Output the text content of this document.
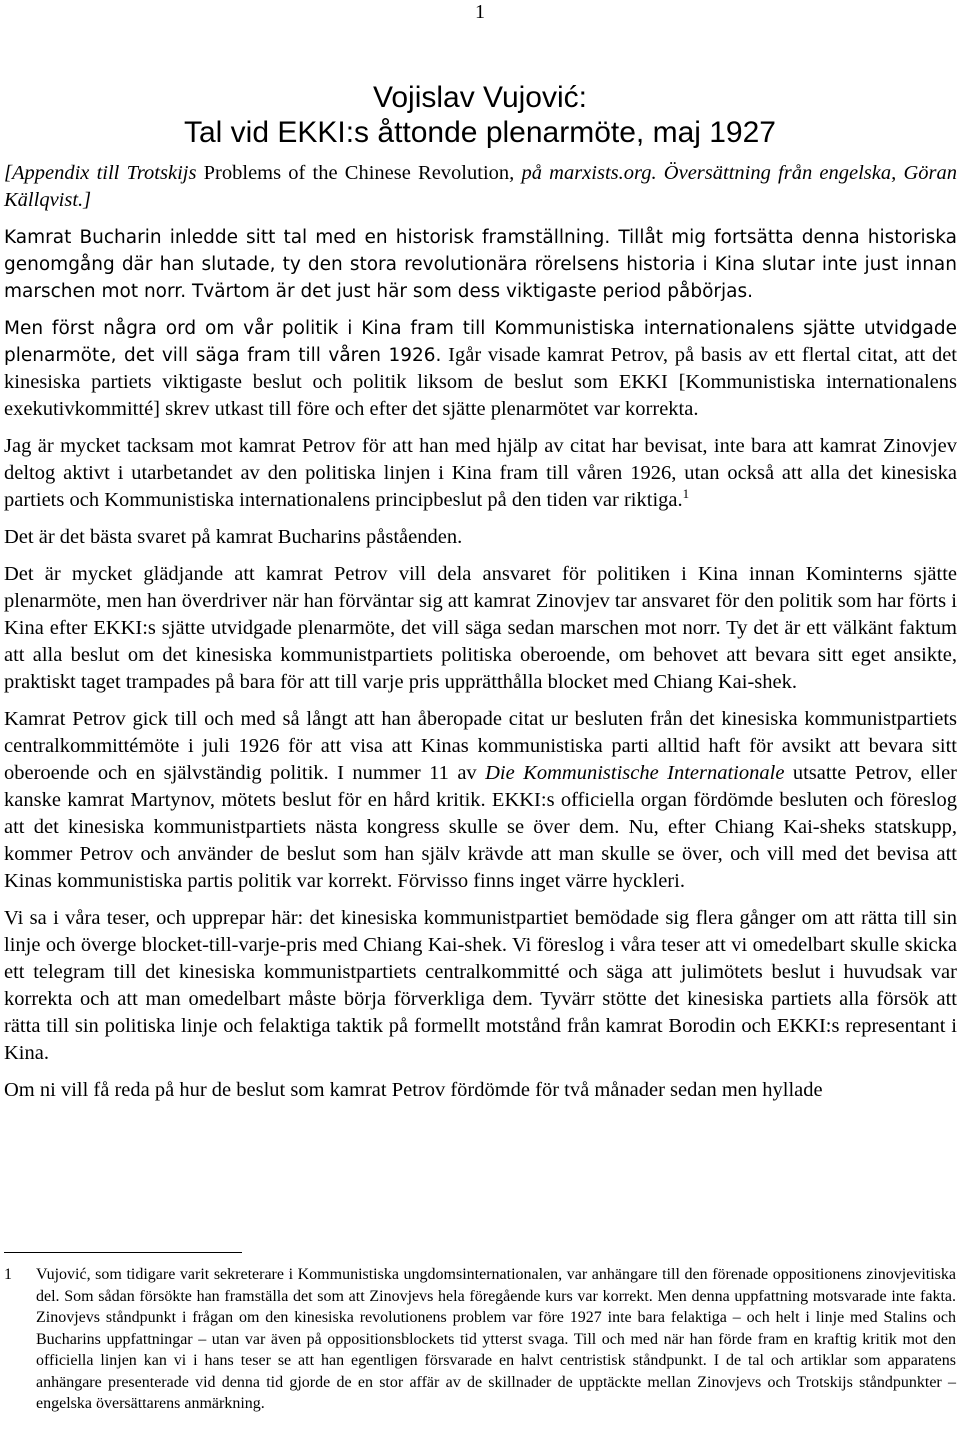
1
Vojislav Vujović:
Tal vid EKKI:s åttonde plenarmöte, maj 1927

[Appendix till Trotskijs Problems of the Chinese Revolution, på marxists.org. Översättning från engelska, Göran Källqvist.]

Kamrat Bucharin inledde sitt tal med en historisk framställning. Tillåt mig fortsätta denna historiska genomgång där han slutade, ty den stora revolutionära rörelsens historia i Kina slutar inte just innan marschen mot norr. Tvärtom är det just här som dess viktigaste period påbörjas.

Men först några ord om vår politik i Kina fram till Kommunistiska internationalens sjätte utvidgade plenarmöte, det vill säga fram till våren 1926. Igår visade kamrat Petrov, på basis av ett flertal citat, att det kinesiska partiets viktigaste beslut och politik liksom de beslut som EKKI [Kommunistiska internationalens exekutivkommitté] skrev utkast till före och efter det sjätte plenarmötet var korrekta.

Jag är mycket tacksam mot kamrat Petrov för att han med hjälp av citat har bevisat, inte bara att kamrat Zinovjev deltog aktivt i utarbetandet av den politiska linjen i Kina fram till våren 1926, utan också att alla det kinesiska partiets och Kommunistiska internationalens principbeslut på den tiden var riktiga.$^1$

Det är det bästa svaret på kamrat Bucharins påståenden.

Det är mycket glädjande att kamrat Petrov vill dela ansvaret för politiken i Kina innan Kominterns sjätte plenarmöte, men han överdriver när han förväntar sig att kamrat Zinovjev tar ansvaret för den politik som har förts i Kina efter EKKI:s sjätte utvidgade plenarmöte, det vill säga sedan marschen mot norr. Ty det är ett välkänt faktum att alla beslut om det kinesiska kommunistpartiets politiska oberoende, om behovet att bevara sitt eget ansikte, praktiskt taget trampades på bara för att till varje pris upprätthålla blocket med Chiang Kai-shek.

Kamrat Petrov gick till och med så långt att han åberopade citat ur besluten från det kinesiska kommunistpartiets centralkommittémöte i juli 1926 för att visa att Kinas kommunistiska parti alltid haft för avsikt att bevara sitt oberoende och en självständig politik. I nummer 11 av Die Kommunistische Internationale utsatte Petrov, eller kanske kamrat Martynov, mötets beslut för en hård kritik. EKKI:s officiella organ fördömde besluten och föreslog att det kinesiska kommunistpartiets nästa kongress skulle se över dem. Nu, efter Chiang Kai-sheks statskupp, kommer Petrov och använder de beslut som han själv krävde att man skulle se över, och vill med det bevisa att Kinas kommunistiska partis politik var korrekt. Förvisso finns inget värre hyckleri.

Vi sa i våra teser, och upprepar här: det kinesiska kommunistpartiet bemödade sig flera gånger om att rätta till sin linje och överge blocket-till-varje-pris med Chiang Kai-shek. Vi föreslog i våra teser att vi omedelbart skulle skicka ett telegram till det kinesiska kommunistpartiets centralkommitté och säga att julimötets beslut i huvudsak var korrekta och att man omedelbart måste börja förverkliga dem. Tyvärr stötte det kinesiska partiets alla försök att rätta till sin politiska linje och felaktiga taktik på formellt motstånd från kamrat Borodin och EKKI:s representant i Kina.

Om ni vill få reda på hur de beslut som kamrat Petrov fördömde för två månader sedan men hyllade

1	Vujović, som tidigare varit sekreterare i Kommunistiska ungdomsinternationalen, var anhängare till den förenade oppositionens zinovjevitiska del. Som sådan försökte han framställa det som att Zinovjevs hela föregående kurs var korrekt. Men denna uppfattning motsvarade inte fakta. Zinovjevs ståndpunkt i frågan om den kinesiska revolutionens problem var före 1927 inte bara felaktiga – och helt i linje med Stalins och Bucharins uppfattningar – utan var även på oppositionsblockets tid ytterst svaga. Till och med när han förde fram en kraftig kritik mot den officiella linjen kan vi i hans teser se att han egentligen försvarade en halvt centristisk ståndpunkt. I de tal och artiklar som apparatens anhängare presenterade vid denna tid gjorde de en stor affär av de skillnader de upptäckte mellan Zinovjevs och Trotskijs ståndpunkter – engelska översättarens anmärkning.
